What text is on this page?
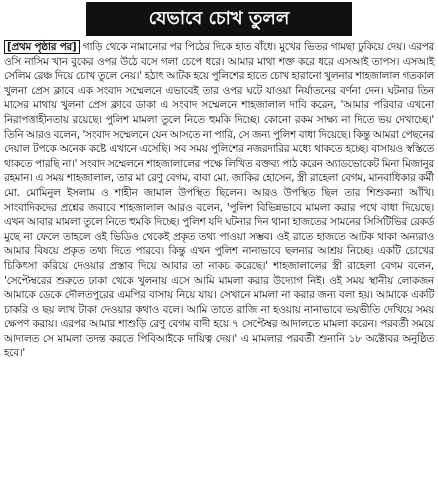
যেভাবে চোখ তুলল

[প্রথম পৃষ্ঠার পর] গাড়ি থেকে নামানোর পর পিঠের দিকে হাত বাঁধে। মুখের ভিতর গামছা ঢুকিয়ে দেয়। এরপর ওসি নাসিম খান বুকের ওপর উঠে বসে গলা চেপে ধরে। আমার মাথা শক্ত করে ধরে এসআই তাপস। এসআই সেলিম রেঞ্চ দিয়ে চোখ তুলে নেয়।' হঠাৎ আটক হয়ে পুলিশের হাতে চোখ হারানো খুলনার শাহজালাল গতকাল খুলনা প্রেস ক্লাবে এক সংবাদ সম্মেলনে এভাবেই তার ওপর ঘটে যাওয়া নির্যাতনের বর্ণনা দেন। ঘটনার তিন মাসের মাথায় খুলনা প্রেস ক্লাবে ডাকা এ সংবাদ সম্মেলনে শাহজালাল দাবি করেন, 'আমার পরিবার এখনো নিরাপত্তাহীনতায় রয়েছে। পুলিশ মামলা তুলে নিতে হুমকি দিচ্ছে। কোনো রকম সাক্ষ্য না দিতে ভয় দেখাচ্ছে।' তিনি আরও বলেন, 'সংবাদ সম্মেলনে যেন আসতে না পারি, সে জন্য পুলিশ বাধা দিয়েছে। কিন্তু আমরা পেছনের দেয়াল টপকে অনেক কষ্টে এখানে এসেছি। সব সময় পুলিশের নজরদারির মধ্যে থাকতে হচ্ছে। বাসায়ও স্বস্তিতে থাকতে পারছি না।' সংবাদ সম্মেলনে শাহজালালের পক্ষে লিখিত বক্তব্য পাঠ করেন অ্যাডভোকেট মিনা মিজানুর রহমান। এ সময় শাহজালাল, তার মা রেণু বেগম, বাবা মো. জাকির হোসেন, স্ত্রী রাহেলা বেগম, মানবাধিকার কর্মী মো. মোমিনুল ইসলাম ও শাহীন জামাল উপস্থিত ছিলেন। আরও উপস্থিত ছিল তার শিশুকন্যা আঁখি। সাংবাদিকদের প্রশ্নের জবাবে শাহজালাল আরও বলেন, 'পুলিশ বিভিন্নভাবে মামলা করার পথে বাধা দিয়েছে। এখন আবার মামলা তুলে নিতে হুমকি দিচ্ছে। পুলিশ যদি ঘটনার দিন থানা হাজতের সামনের সিসিটিভির রেকর্ড মুছে না ফেলে তাহলে ওই ভিডিও থেকেই প্রকৃত তথ্য পাওয়া সম্ভব। ওই রাতে হাজতে আটক থাকা অন্যরাও আমার বিষয়ে প্রকৃত তথ্য দিতে পারবে। কিন্তু এখন পুলিশ নানাভাবে ছলনার আশ্রয় নিচ্ছে। একটি চোখের চিকিৎসা করিয়ে দেওয়ার প্রস্তাব দিয়ে আবার তা নাকচ করেছে।' শাহজালালের স্ত্রী রাহেলা বেগম বলেন, 'সেপ্টেম্বরের শুরুতে ঢাকা থেকে খুলনায় এসে আমি মামলা করার উদ্যোগ নিই। ওই সময় স্থানীয় লোকজন আমাকে ডেকে দৌলতপুরের এমপির বাসায় নিয়ে যায়। সেখানে মামলা না করার জন্য বলা হয়। আমাকে একটি চাকরি ও ছয় লাখ টাকা দেওয়ার কথাও বলে। আমি তাতে রাজি না হওয়ায় নানাভাবে ভয়ভীতি দেখিয়ে সময় ক্ষেপণ করায়। এরপর আমার শাশুড়ি রেণু বেগম বাদী হয়ে ৭ সেপ্টেম্বর আদালতে মামলা করেন। পরবর্তী সময়ে আদালত সে মামলা তদন্ত করতে পিবিআইকে দায়িত্ব দেয়।' এ মামলার পরবর্তী শুনানি ১৮ অক্টোবর অনুষ্ঠিত হবে।'
